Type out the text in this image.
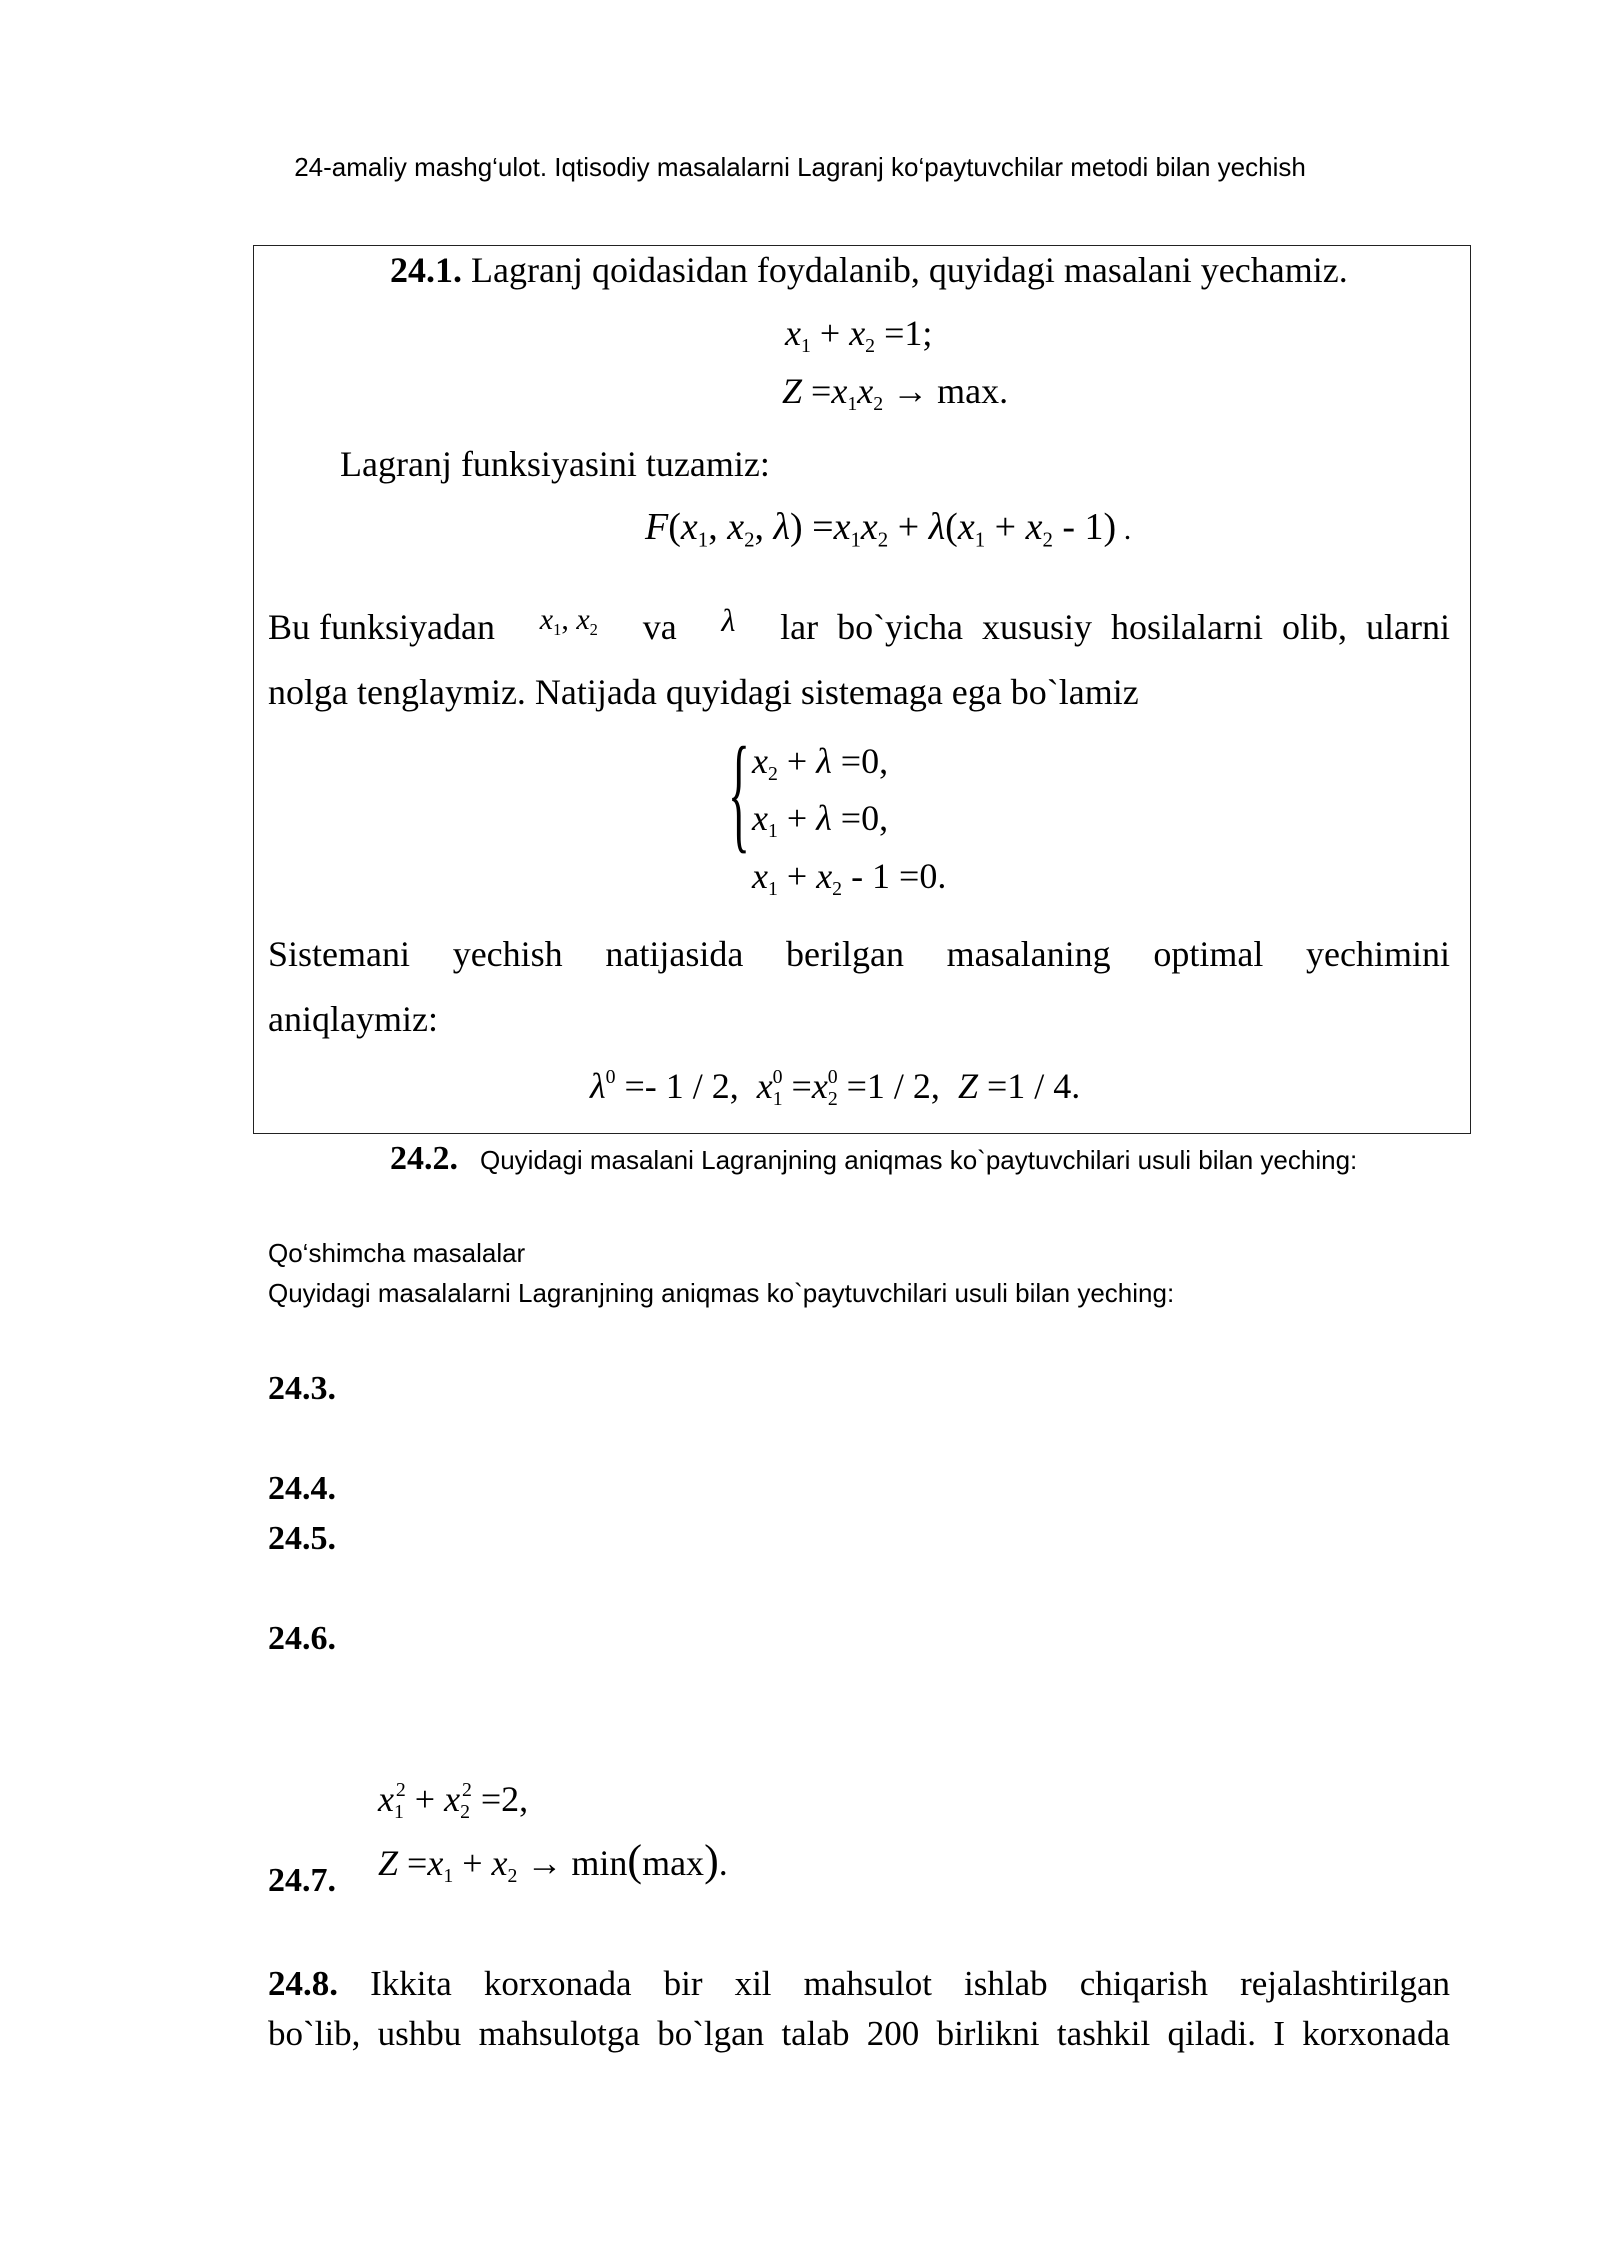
24-amaliy mashg‘ulot. Iqtisodiy masalalarni Lagranj ko‘paytuvchilar metodi bilan yechish
24.1. Lagranj qoidasidan foydalanib, quyidagi masalani yechamiz.
$x_1 + x_2 =1$;
$Z =x_1x_2 \to \max$.
Lagranj funksiyasini tuzamiz:
$F(x_1$, $x_2$, $\lambda) =x_1x_2 + \lambda(x_1 + x_2 - 1)$ .
Bu funksiyadan $x_1$, $x_2$ va λ lar bo`yicha xususiy hosilalarni olib, ularni
nolga tenglaymiz. Natijada quyidagi sistemaga ega bo`lamiz
{ $x_2 + \lambda =0$,
$x_1 + \lambda =0$,
$x_1 + x_2 - 1 =0$.
Sistemani yechish natijasida berilgan masalaning optimal yechimini
aniqlaymiz:
$\lambda^0 =- 1 / 2$,  $x_1^0 =x_2^0 =1 / 2$,  Z =1 / 4.
24.2. Quyidagi masalani Lagranjning aniqmas ko`paytuvchilari usuli bilan yeching:
Qo‘shimcha masalalar
Quyidagi masalalarni Lagranjning aniqmas ko`paytuvchilari usuli bilan yeching:
24.3.
24.4.
24.5.
24.6.
$x_1^2 + x_2^2 =2$,
$Z =x_1 + x_2 \to \min(\max)$.
24.7.
24.8. Ikkita korxonada bir xil mahsulot ishlab chiqarish rejalashtirilgan
bo`lib, ushbu mahsulotga bo`lgan talab 200 birlikni tashkil qiladi. I korxonada
